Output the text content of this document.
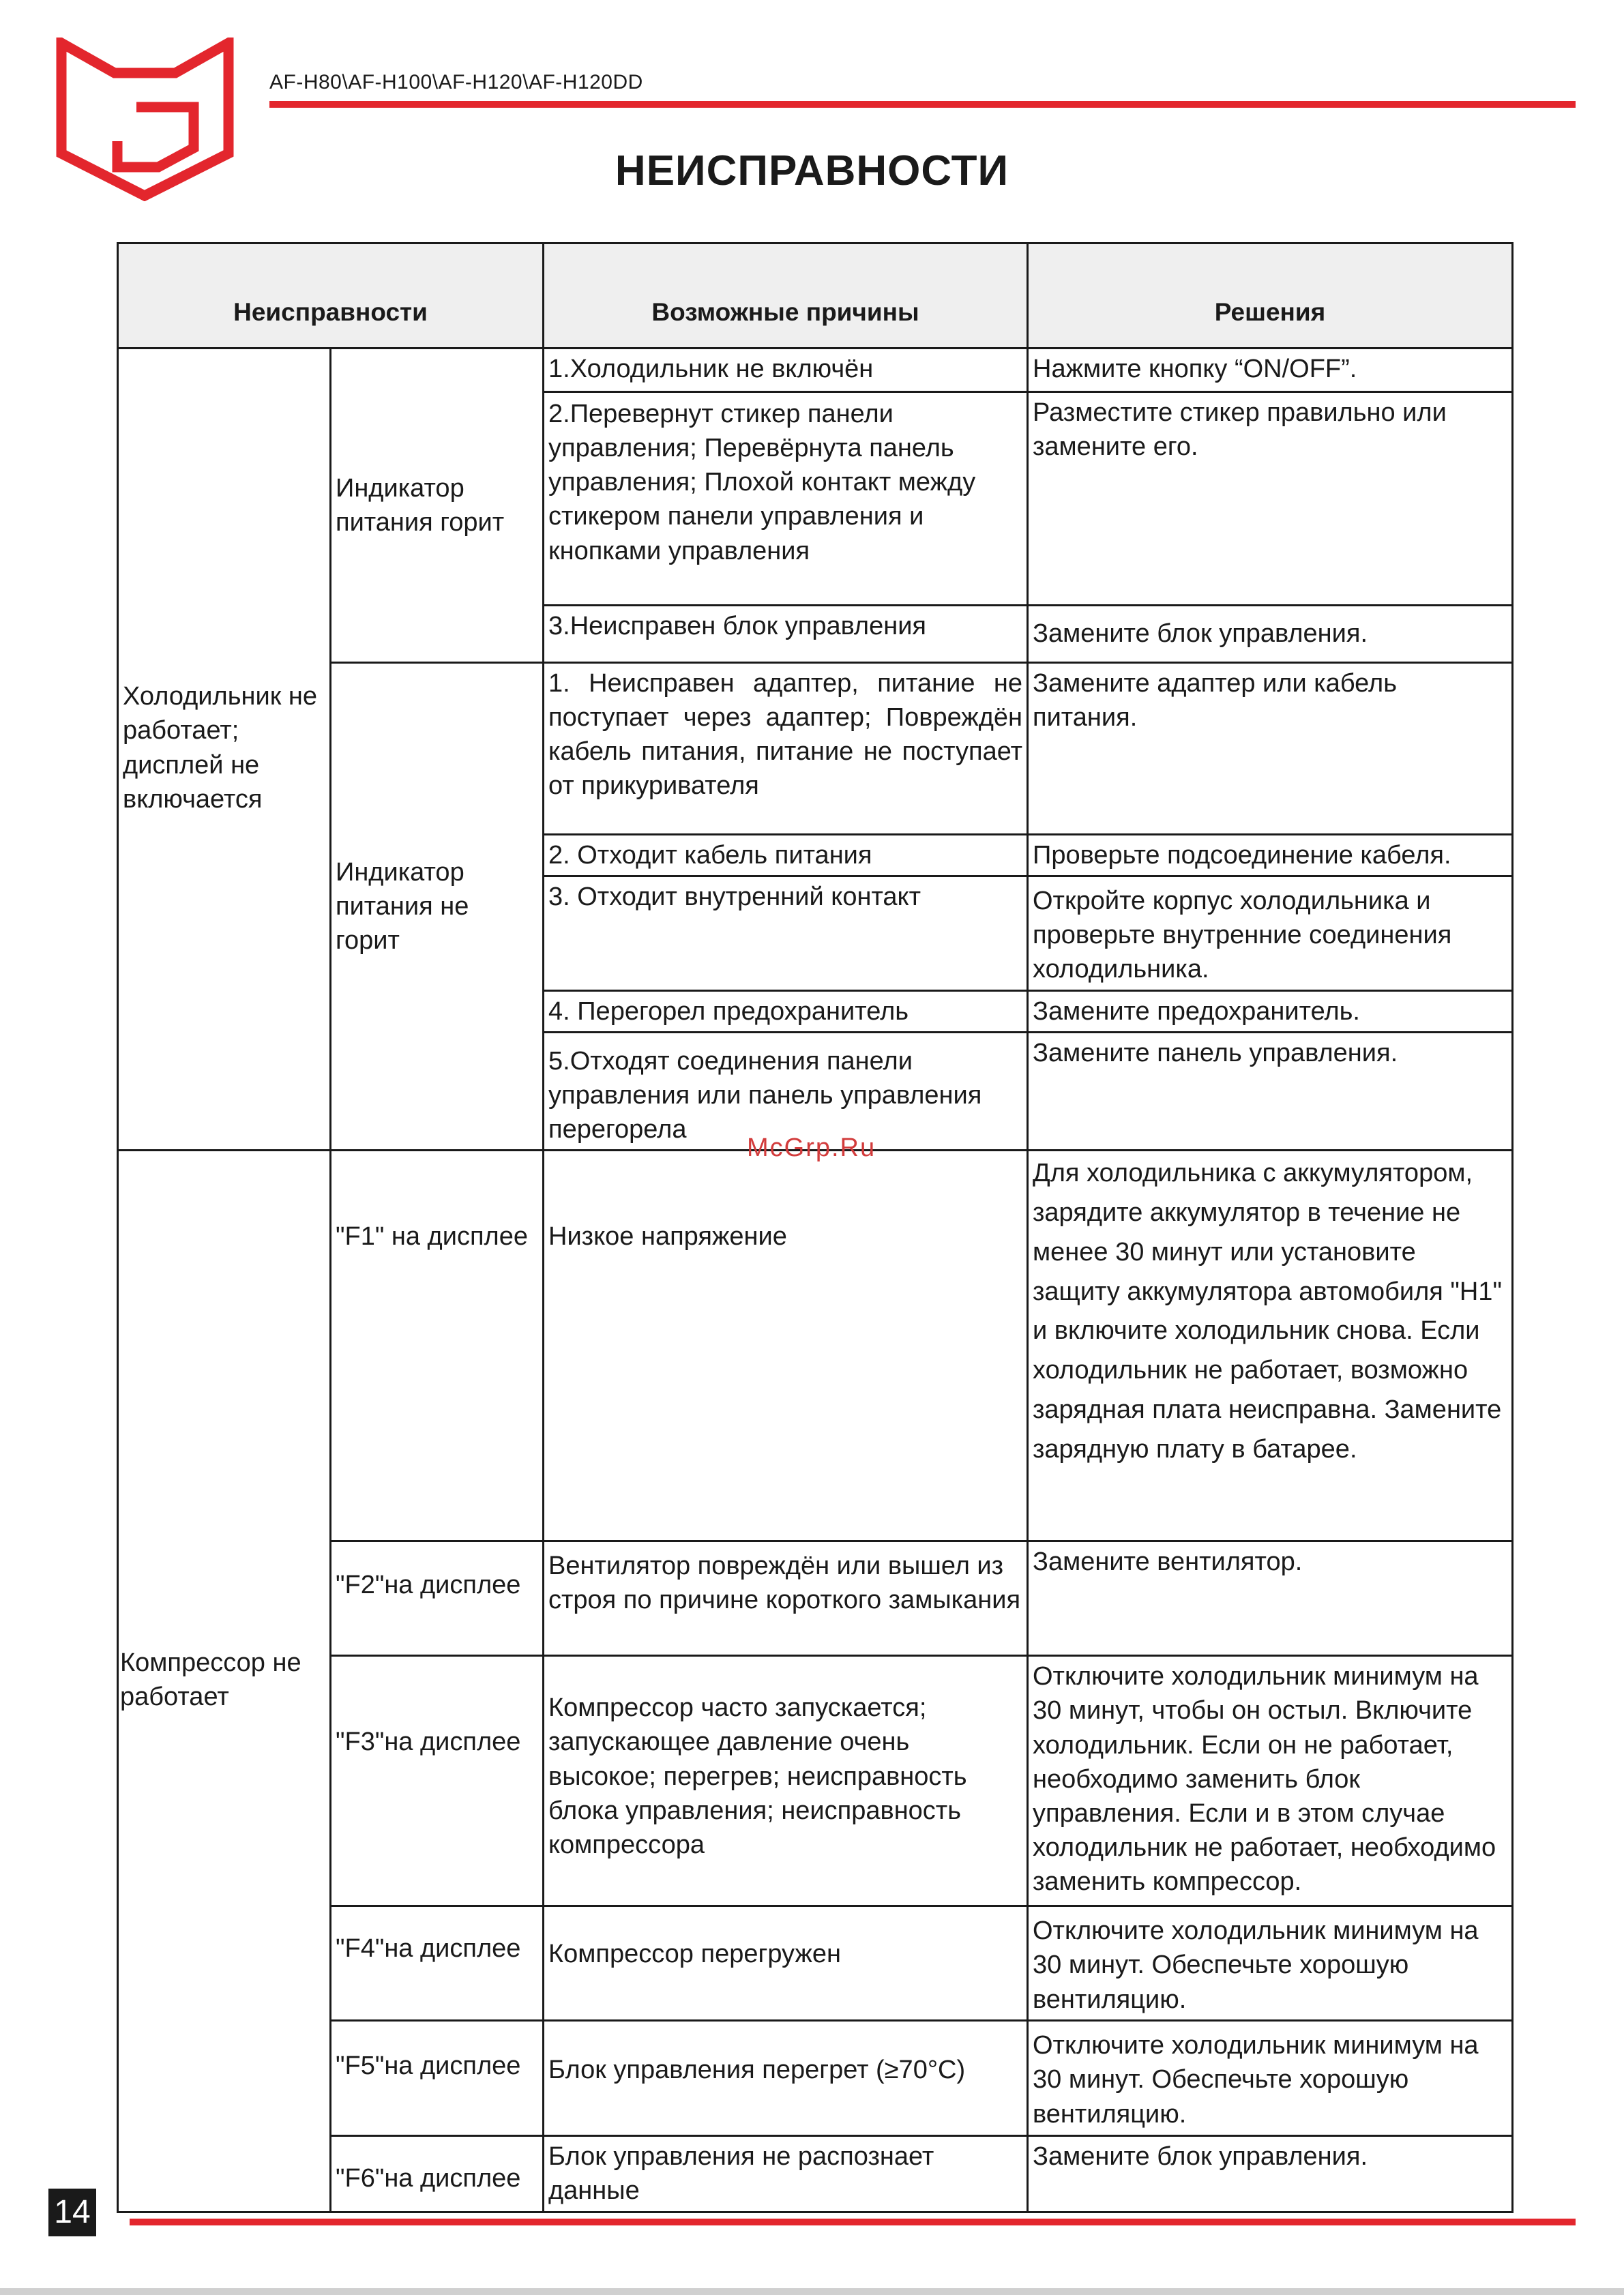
AF-H80\AF-H100\AF-H120\AF-H120DD
НЕИСПРАВНОСТИ
Неисправности		Возможные причины	Решения
Холодильник не работает; дисплей не включается	Индикатор питания горит	1.Холодильник не включён	Нажмите кнопку “ON/OFF”.
		2.Перевернут стикер панели управления; Перевёрнута панель управления; Плохой контакт между стикером панели управления и кнопками управления	Разместите стикер правильно или замените его.
		3.Неисправен блок управления	Замените блок управления.
	Индикатор питания не горит	1. Неисправен адаптер, питание не поступает через адаптер; Повреждён кабель питания, питание не поступает от прикуривателя	Замените адаптер или кабель питания.
		2. Отходит кабель питания	Проверьте подсоединение кабеля.
		3. Отходит внутренний контакт	Откройте корпус холодильника и проверьте внутренние соединения холодильника.
		4. Перегорел предохранитель	Замените предохранитель.
		5.Отходят соединения панели управления или панель управления перегорела	Замените панель управления.
Компрессор не работает	"F1" на дисплее	Низкое напряжение	Для холодильника с аккумулятором, зарядите аккумулятор в течение не менее 30 минут или установите защиту аккумулятора автомобиля "H1" и включите холодильник снова. Если холодильник не работает, возможно зарядная плата неисправна. Замените зарядную плату в батарее.
	"F2"на дисплее	Вентилятор повреждён или вышел из строя по причине короткого замыкания	Замените вентилятор.
	"F3"на дисплее	Компрессор часто запускается; запускающее давление очень высокое; перегрев; неисправность блока управления; неисправность компрессора	Отключите холодильник минимум на 30 минут, чтобы он остыл. Включите холодильник. Если он не работает, необходимо заменить блок управления. Если и в этом случае холодильник не работает, необходимо заменить компрессор.
	"F4"на дисплее	Компрессор перегружен	Отключите холодильник минимум на 30 минут. Обеспечьте хорошую вентиляцию.
	"F5"на дисплее	Блок управления перегрет (≥70°C)	Отключите холодильник минимум на 30 минут. Обеспечьте хорошую вентиляцию.
	"F6"на дисплее	Блок управления не распознает данные	Замените блок управления.
McGrp.Ru
14
